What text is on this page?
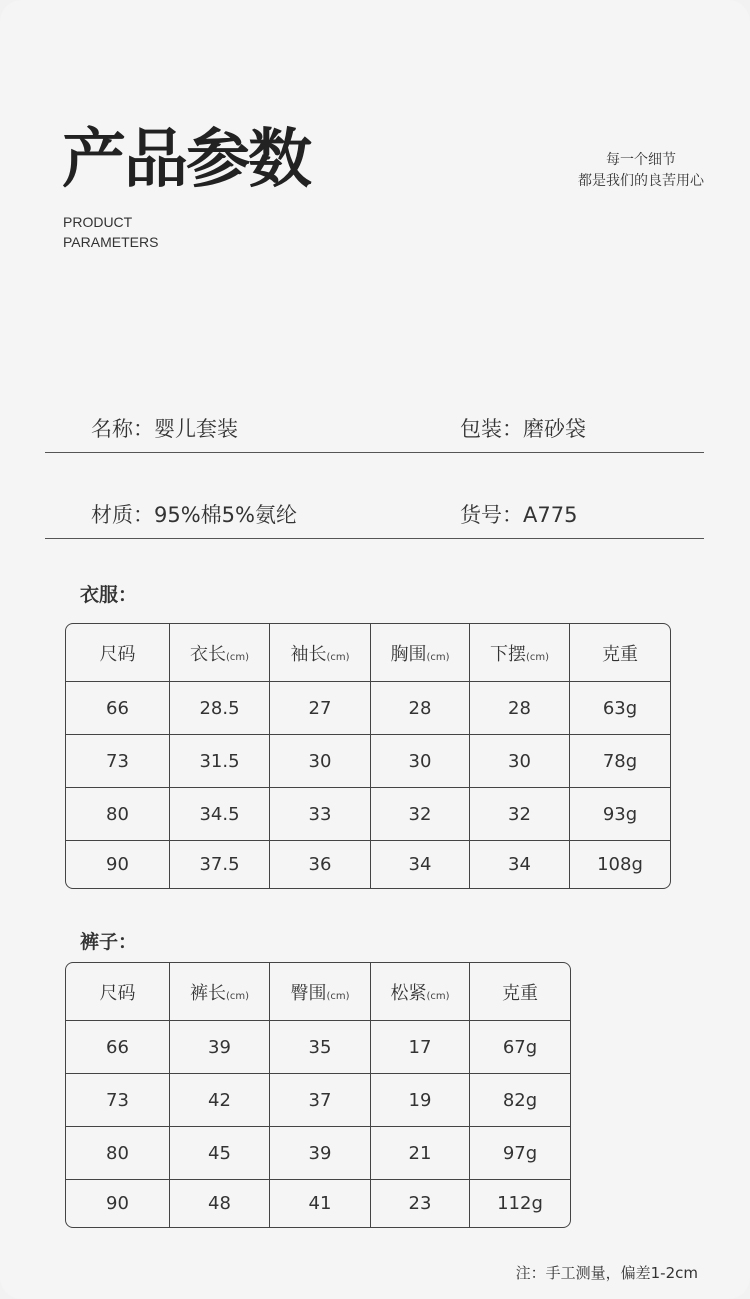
产品参数
PRODUCT
PARAMETERS
每一个细节
都是我们的良苦用心
名称：婴儿套装	包装：磨砂袋
材质：95%棉5%氨纶	货号：A775
衣服：
尺码	衣长(cm)	袖长(cm)	胸围(cm)	下摆(cm)	克重
66	28.5	27	28	28	63g
73	31.5	30	30	30	78g
80	34.5	33	32	32	93g
90	37.5	36	34	34	108g
裤子：
尺码	裤长(cm)	臀围(cm)	松紧(cm)	克重
66	39	35	17	67g
73	42	37	19	82g
80	45	39	21	97g
90	48	41	23	112g
注：手工测量，偏差1-2cm
